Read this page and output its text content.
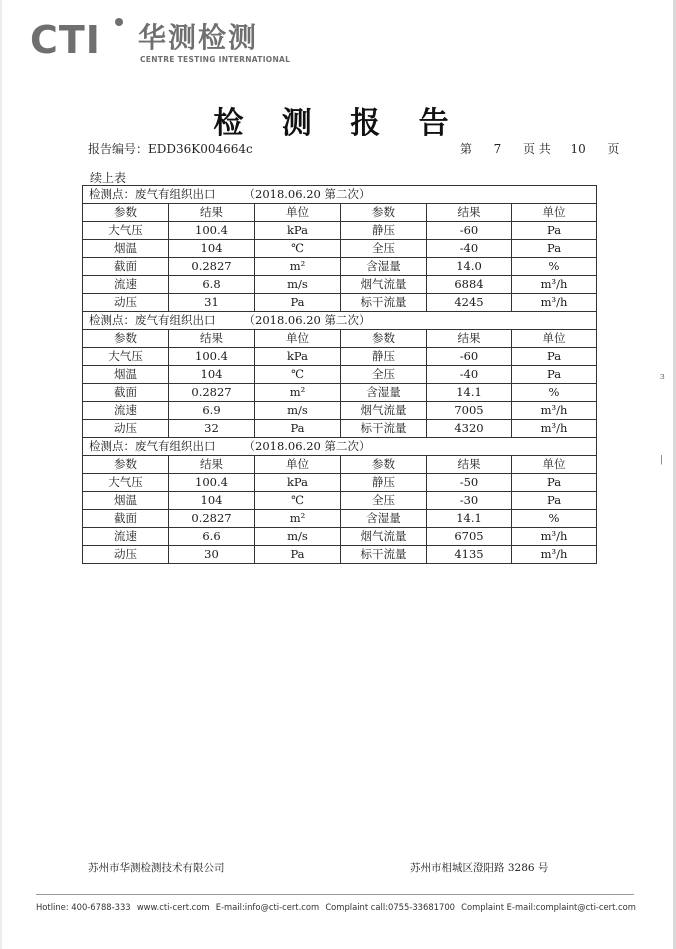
CTI 华测检测
CENTRE TESTING INTERNATIONAL
检 测 报 告
报告编号：EDD36K004664c	第 7 页 共 10 页
续上表
检测点：废气有组织出口 （2018.06.20 第二次）					
参数	结果	单位	参数	结果	单位
大气压	100.4	kPa	静压	-60	Pa
烟温	104	℃	全压	-40	Pa
截面	0.2827	m²	含湿量	14.0	%
流速	6.8	m/s	烟气流量	6884	m³/h
动压	31	Pa	标干流量	4245	m³/h
检测点：废气有组织出口 （2018.06.20 第二次）					
参数	结果	单位	参数	结果	单位
大气压	100.4	kPa	静压	-60	Pa
烟温	104	℃	全压	-40	Pa
截面	0.2827	m²	含湿量	14.1	%
流速	6.9	m/s	烟气流量	7005	m³/h
动压	32	Pa	标干流量	4320	m³/h
检测点：废气有组织出口 （2018.06.20 第二次）					
参数	结果	单位	参数	结果	单位
大气压	100.4	kPa	静压	-50	Pa
烟温	104	℃	全压	-30	Pa
截面	0.2827	m²	含湿量	14.1	%
流速	6.6	m/s	烟气流量	6705	m³/h
动压	30	Pa	标干流量	4135	m³/h
ɜ
|
苏州市华测检测技术有限公司	苏州市相城区澄阳路 3286 号
Hotline: 400-6788-333 www.cti-cert.com E-mail:info@cti-cert.com Complaint call:0755-33681700 Complaint E-mail:complaint@cti-cert.com
